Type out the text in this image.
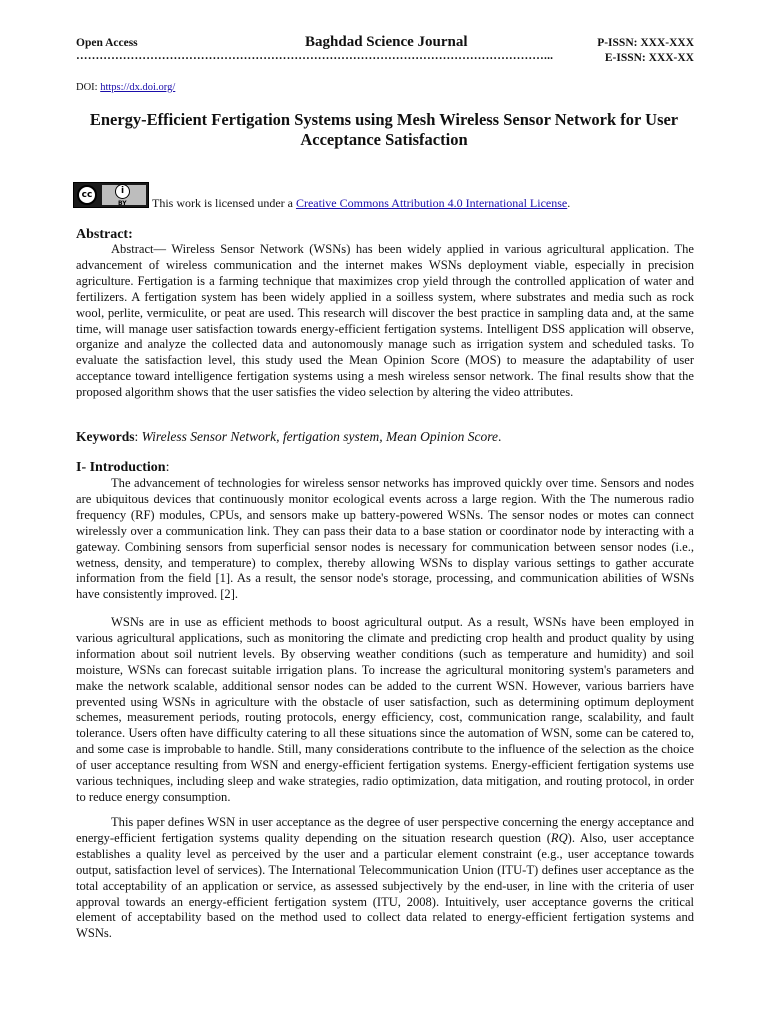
Open Access	Baghdad Science Journal	P-ISSN: XXX-XXX
E-ISSN: XXX-XX
…………………………………………………………………………………………………………...
DOI: https://dx.doi.org/
Energy-Efficient Fertigation Systems using Mesh Wireless Sensor Network for User Acceptance Satisfaction
cc	i
BY This work is licensed under a Creative Commons Attribution 4.0 International License.
Abstract:

Abstract— Wireless Sensor Network (WSNs) has been widely applied in various agricultural application. The advancement of wireless communication and the internet makes WSNs deployment viable, especially in precision agriculture. Fertigation is a farming technique that maximizes crop yield through the controlled application of water and fertilizers. A fertigation system has been widely applied in a soilless system, where substrates and media such as rock wool, perlite, vermiculite, or peat are used. This research will discover the best practice in sampling data and, at the same time, will manage user satisfaction towards energy-efficient fertigation systems. Intelligent DSS application will observe, organize and analyze the collected data and autonomously manage such as irrigation system and scheduled tasks. To evaluate the satisfaction level, this study used the Mean Opinion Score (MOS) to measure the adaptability of user acceptance toward intelligence fertigation systems using a mesh wireless sensor network. The final results show that the proposed algorithm shows that the user satisfies the video selection by altering the video attributes.

Keywords: Wireless Sensor Network, fertigation system, Mean Opinion Score.
I- Introduction:

The advancement of technologies for wireless sensor networks has improved quickly over time. Sensors and nodes are ubiquitous devices that continuously monitor ecological events across a large region. With the The numerous radio frequency (RF) modules, CPUs, and sensors make up battery-powered WSNs. The sensor nodes or motes can connect wirelessly over a communication link. They can pass their data to a base station or coordinator node by interacting with a gateway. Combining sensors from superficial sensor nodes is necessary for communication between sensor nodes (i.e., wetness, density, and temperature) to complex, thereby allowing WSNs to display various settings to gather accurate information from the field [1]. As a result, the sensor node's storage, processing, and communication abilities of WSNs have consistently improved. [2].

WSNs are in use as efficient methods to boost agricultural output. As a result, WSNs have been employed in various agricultural applications, such as monitoring the climate and predicting crop health and product quality by using information about soil nutrient levels. By observing weather conditions (such as temperature and humidity) and soil moisture, WSNs can forecast suitable irrigation plans. To increase the agricultural monitoring system's parameters and make the network scalable, additional sensor nodes can be added to the current WSN. However, various barriers have prevented using WSNs in agriculture with the obstacle of user satisfaction, such as determining optimum deployment schemes, measurement periods, routing protocols, energy efficiency, cost, communication range, scalability, and fault tolerance. Users often have difficulty catering to all these situations since the automation of WSN, some can be catered to, and some case is improbable to handle. Still, many considerations contribute to the influence of the selection as the choice of user acceptance resulting from WSN and energy-efficient fertigation systems. Energy-efficient fertigation systems use various techniques, including sleep and wake strategies, radio optimization, data mitigation, and routing protocol, in order to reduce energy consumption.

This paper defines WSN in user acceptance as the degree of user perspective concerning the energy acceptance and energy-efficient fertigation systems quality depending on the situation research question (RQ). Also, user acceptance establishes a quality level as perceived by the user and a particular element constraint (e.g., user acceptance towards output, satisfaction level of services). The International Telecommunication Union (ITU-T) defines user acceptance as the total acceptability of an application or service, as assessed subjectively by the end-user, in line with the criteria of user approval towards an energy-efficient fertigation system (ITU, 2008). Intuitively, user acceptance governs the critical element of acceptability based on the method used to collect data related to energy-efficient fertigation systems and WSNs.
